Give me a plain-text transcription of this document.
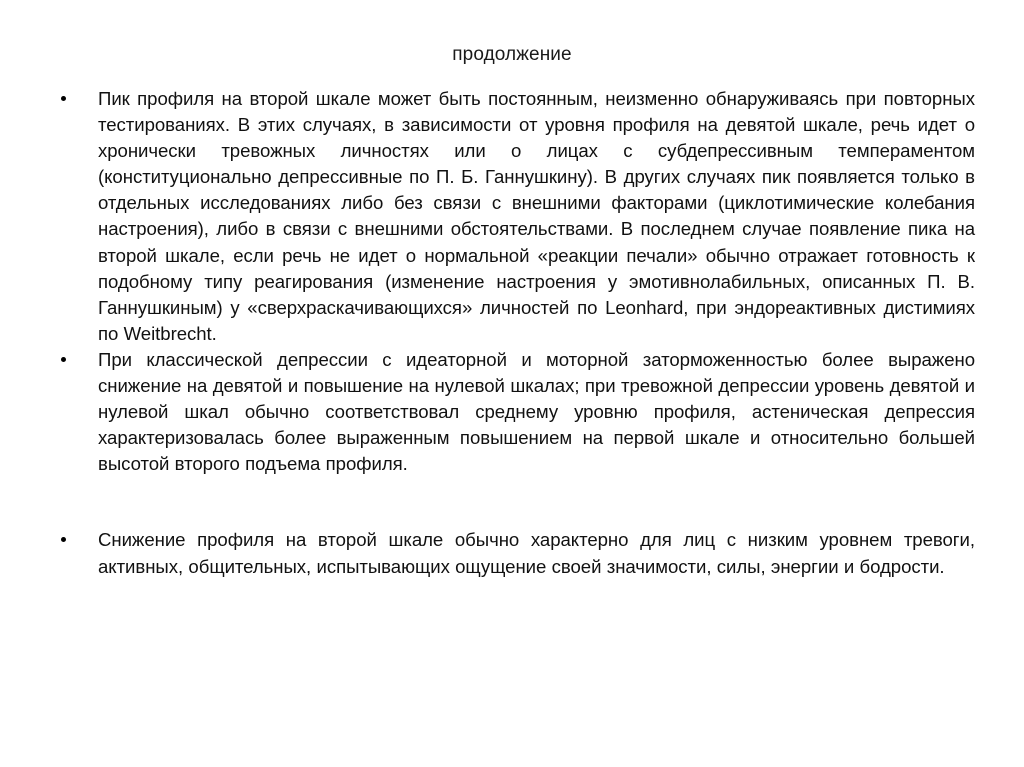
продолжение
Пик профиля на второй шкале может быть постоянным, неизменно обнаруживаясь при повторных тестированиях. В этих случаях, в зависимости от уровня профиля на девятой шкале, речь идет о хронически тревожных личностях или о лицах с субдепрессивным темпераментом (конституционально депрессивные по П. Б. Ганнушкину). В других случаях пик появляется только в отдельных исследованиях либо без связи с внешними факторами (циклотимические колебания настроения), либо в связи с внешними обстоятельствами. В последнем случае появление пика на второй шкале, если речь не идет о нормальной «реакции печали» обычно отражает готовность к подобному типу реагирования (изменение настроения у эмотивнолабильных, описанных П. В. Ганнушкиным) у «сверхраскачивающихся» личностей по Leonhard, при эндореактивных дистимиях по Weitbrecht.
При классической депрессии с идеаторной и моторной заторможенностью более выражено снижение на девятой и повышение на нулевой шкалах; при тревожной депрессии уровень девятой и нулевой шкал обычно соответствовал среднему уровню профиля, астеническая депрессия характеризовалась более выраженным повышением на первой шкале и относительно большей высотой второго подъема профиля.
Снижение профиля на второй шкале обычно характерно для лиц с низким уровнем тревоги, активных, общительных, испытывающих ощущение своей значимости, силы, энергии и бодрости.
